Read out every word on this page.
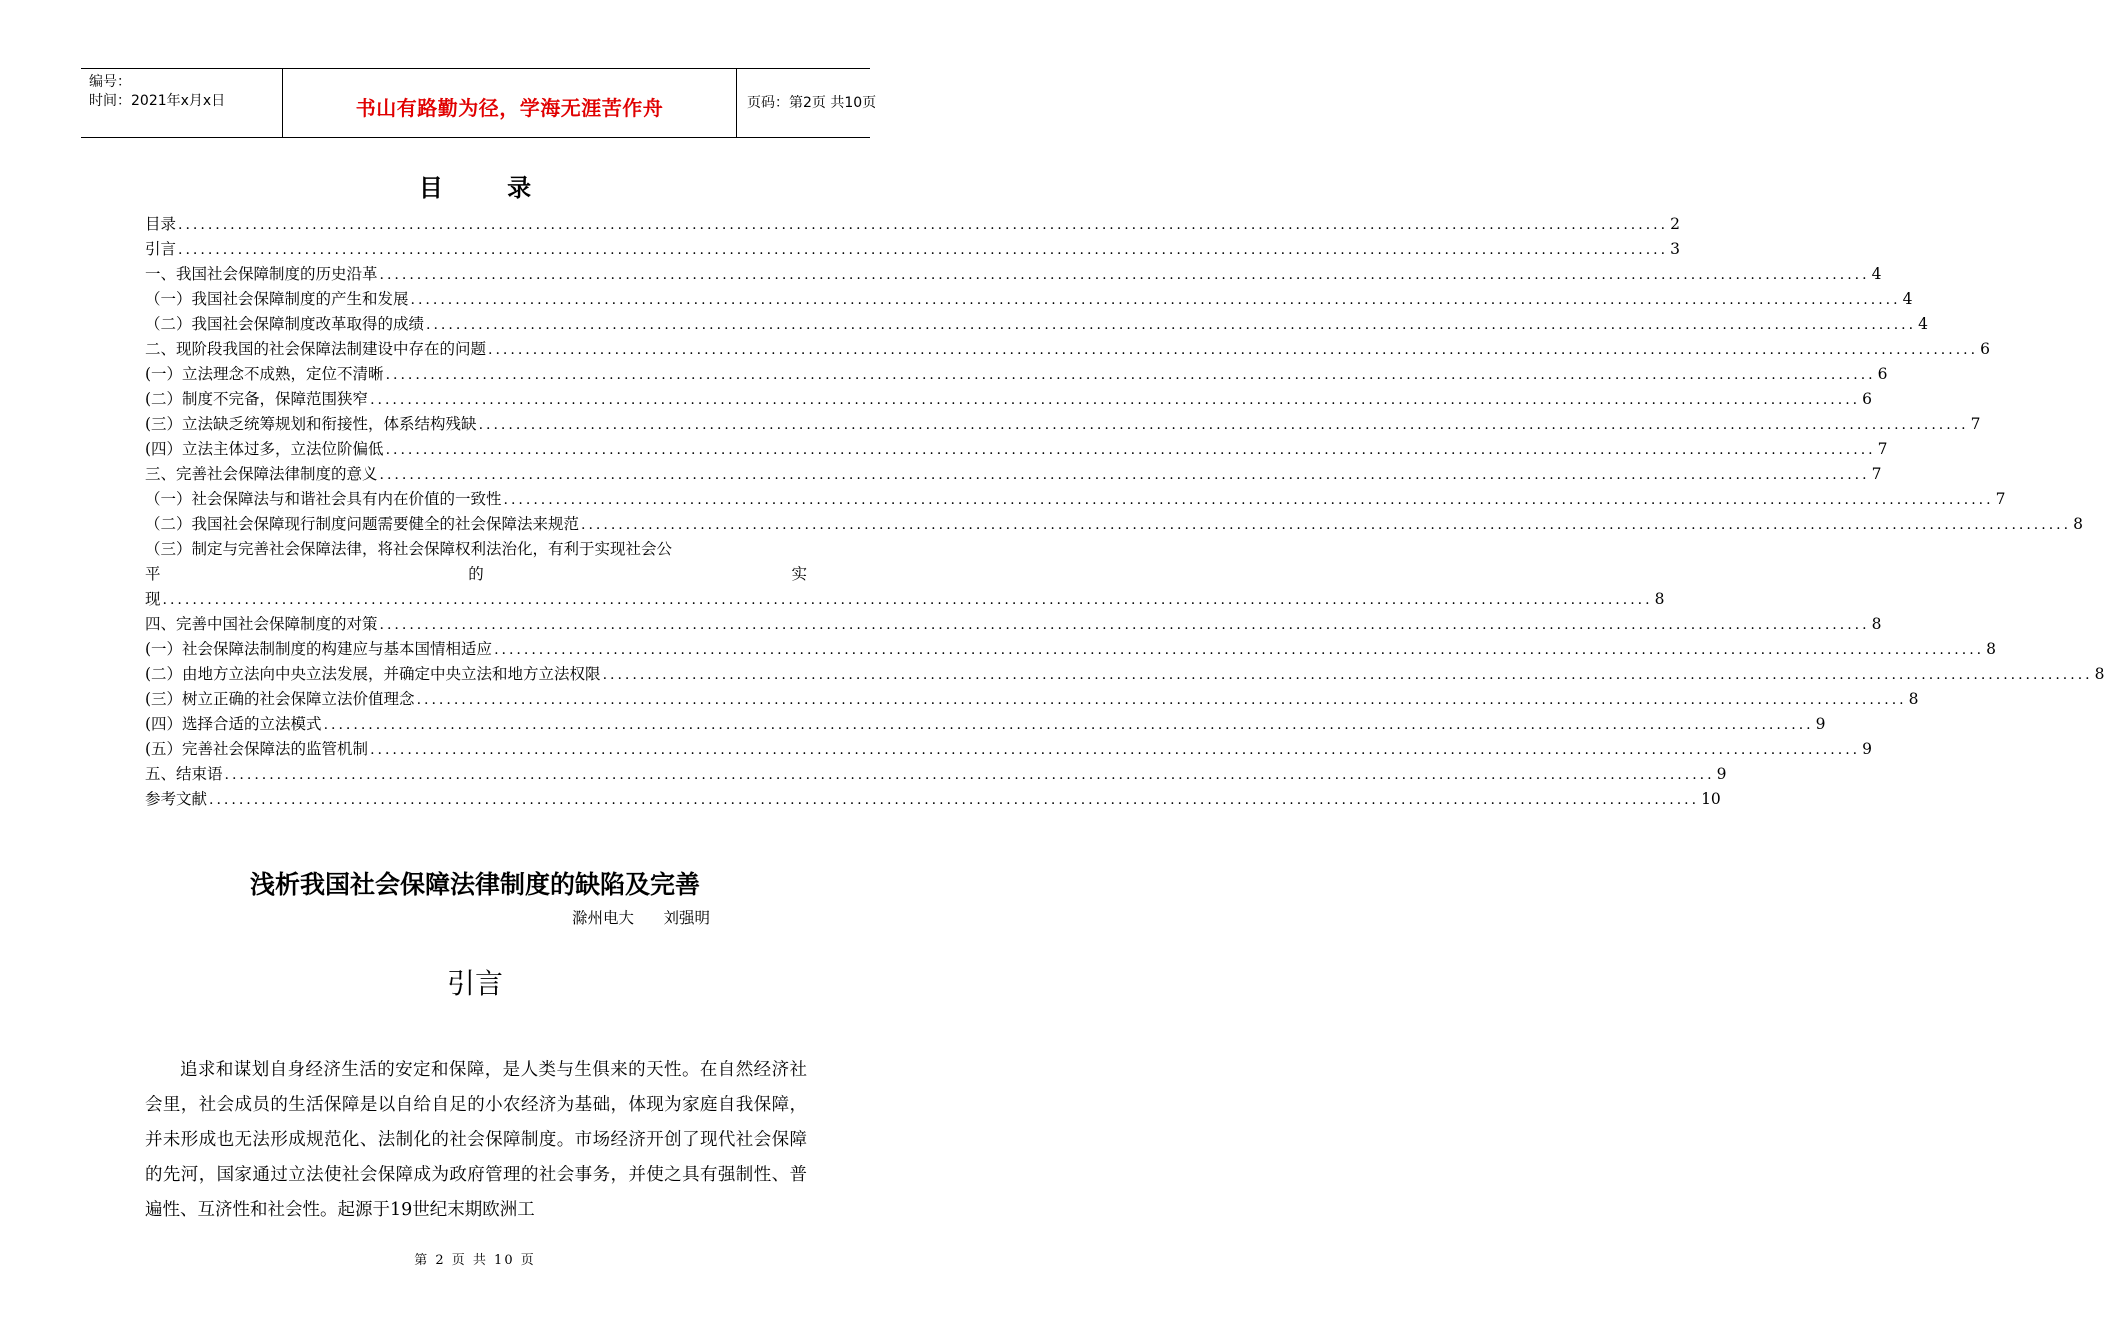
编号：
时间：2021年x月x日	书山有路勤为径，学海无涯苦作舟	页码：第2页 共10页
目 录
目录 ........................................................................................................................................................................................................ 2
引言 ........................................................................................................................................................................................................ 3
一、我国社会保障制度的历史沿革 ........................................................................................................................................................................................................ 4
（一）我国社会保障制度的产生和发展 ........................................................................................................................................................................................................ 4
（二）我国社会保障制度改革取得的成绩 ........................................................................................................................................................................................................ 4
二、现阶段我国的社会保障法制建设中存在的问题 ........................................................................................................................................................................................................ 6
(一）立法理念不成熟，定位不清晰 ........................................................................................................................................................................................................ 6
(二）制度不完备，保障范围狭窄 ........................................................................................................................................................................................................ 6
(三）立法缺乏统筹规划和衔接性，体系结构残缺 ........................................................................................................................................................................................................ 7
(四）立法主体过多，立法位阶偏低 ........................................................................................................................................................................................................ 7
三、完善社会保障法律制度的意义 ........................................................................................................................................................................................................ 7
（一）社会保障法与和谐社会具有内在价值的一致性 ........................................................................................................................................................................................................ 7
（二）我国社会保障现行制度问题需要健全的社会保障法来规范 ........................................................................................................................................................................................................ 8
（三）制定与完善社会保障法律，将社会保障权利法治化，有利于实现社会公
平	的	实
现 ........................................................................................................................................................................................................ 8
四、完善中国社会保障制度的对策 ........................................................................................................................................................................................................ 8
(一）社会保障法制制度的构建应与基本国情相适应 ........................................................................................................................................................................................................ 8
(二）由地方立法向中央立法发展，并确定中央立法和地方立法权限 ........................................................................................................................................................................................................ 8
(三）树立正确的社会保障立法价值理念 ........................................................................................................................................................................................................ 8
(四）选择合适的立法模式 ........................................................................................................................................................................................................ 9
(五）完善社会保障法的监管机制 ........................................................................................................................................................................................................ 9
五、结束语 ........................................................................................................................................................................................................ 9
参考文献 ........................................................................................................................................................................................................ 10
浅析我国社会保障法律制度的缺陷及完善
滁州电大      刘强明
引言

追求和谋划自身经济生活的安定和保障，是人类与生俱来的天性。在自然经济社会里，社会成员的生活保障是以自给自足的小农经济为基础，体现为家庭自我保障，并未形成也无法形成规范化、法制化的社会保障制度。市场经济开创了现代社会保障的先河，国家通过立法使社会保障成为政府管理的社会事务，并使之具有强制性、普遍性、互济性和社会性。起源于19世纪末期欧洲工

第 2 页 共 10 页
